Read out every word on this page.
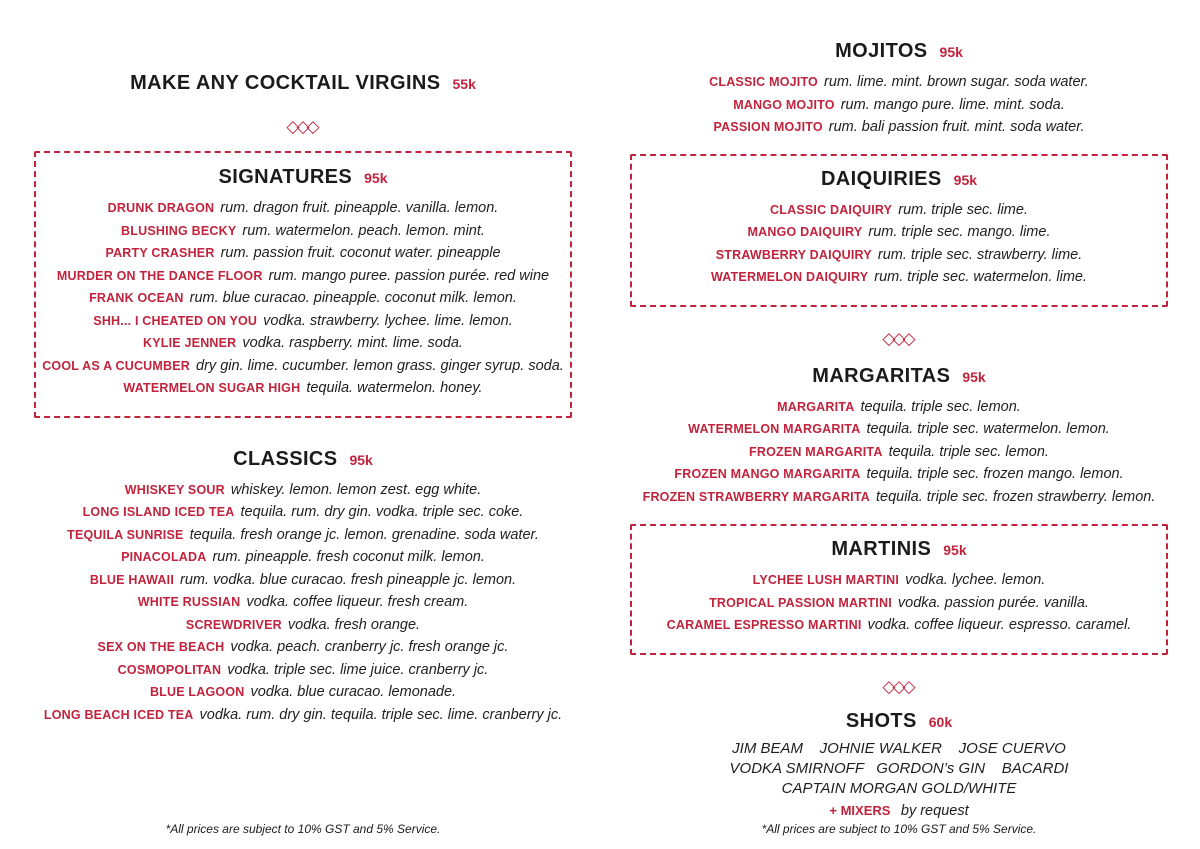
MAKE ANY COCKTAIL VIRGINS 55k
◇◇◇
SIGNATURES 95k
DRUNK DRAGON rum. dragon fruit. pineapple. vanilla. lemon.
BLUSHING BECKY rum. watermelon. peach. lemon. mint.
PARTY CRASHER rum. passion fruit. coconut water. pineapple
MURDER ON THE DANCE FLOOR rum. mango puree. passion purée. red wine
FRANK OCEAN rum. blue curacao. pineapple. coconut milk. lemon.
SHH... I CHEATED ON YOU vodka. strawberry. lychee. lime. lemon.
KYLIE JENNER vodka. raspberry. mint. lime. soda.
COOL AS A CUCUMBER dry gin. lime. cucumber. lemon grass. ginger syrup. soda.
WATERMELON SUGAR HIGH tequila. watermelon. honey.
CLASSICS 95k
WHISKEY SOUR whiskey. lemon. lemon zest. egg white.
LONG ISLAND ICED TEA tequila. rum. dry gin. vodka. triple sec. coke.
TEQUILA SUNRISE tequila. fresh orange jc. lemon. grenadine. soda water.
PINACOLADA rum. pineapple. fresh coconut milk. lemon.
BLUE HAWAII rum. vodka. blue curacao. fresh pineapple jc. lemon.
WHITE RUSSIAN vodka. coffee liqueur. fresh cream.
SCREWDRIVER vodka. fresh orange.
SEX ON THE BEACH vodka. peach. cranberry jc. fresh orange jc.
COSMOPOLITAN vodka. triple sec. lime juice. cranberry jc.
BLUE LAGOON vodka. blue curacao. lemonade.
LONG BEACH ICED TEA vodka. rum. dry gin. tequila. triple sec. lime. cranberry jc.
MOJITOS 95k
CLASSIC MOJITO rum. lime. mint. brown sugar. soda water.
MANGO MOJITO rum. mango pure. lime. mint. soda.
PASSION MOJITO rum. bali passion fruit. mint. soda water.
DAIQUIRIES 95k
CLASSIC DAIQUIRY rum. triple sec. lime.
MANGO DAIQUIRY rum. triple sec. mango. lime.
STRAWBERRY DAIQUIRY rum. triple sec. strawberry. lime.
WATERMELON DAIQUIRY rum. triple sec. watermelon. lime.
◇◇◇
MARGARITAS 95k
MARGARITA tequila. triple sec. lemon.
WATERMELON MARGARITA tequila. triple sec. watermelon. lemon.
FROZEN MARGARITA tequila. triple sec. lemon.
FROZEN MANGO MARGARITA tequila. triple sec. frozen mango. lemon.
FROZEN STRAWBERRY MARGARITA tequila. triple sec. frozen strawberry. lemon.
MARTINIS 95k
LYCHEE LUSH MARTINI vodka. lychee. lemon.
TROPICAL PASSION MARTINI vodka. passion purée. vanilla.
CARAMEL ESPRESSO MARTINI vodka. coffee liqueur. espresso. caramel.
◇◇◇
SHOTS 60k
JIM BEAM    JOHNIE WALKER    JOSE CUERVO
VODKA SMIRNOFF   GORDON’s GIN    BACARDI
CAPTAIN MORGAN GOLD/WHITE
+ MIXERS by request
*All prices are subject to 10% GST and 5% Service.	*All prices are subject to 10% GST and 5% Service.
